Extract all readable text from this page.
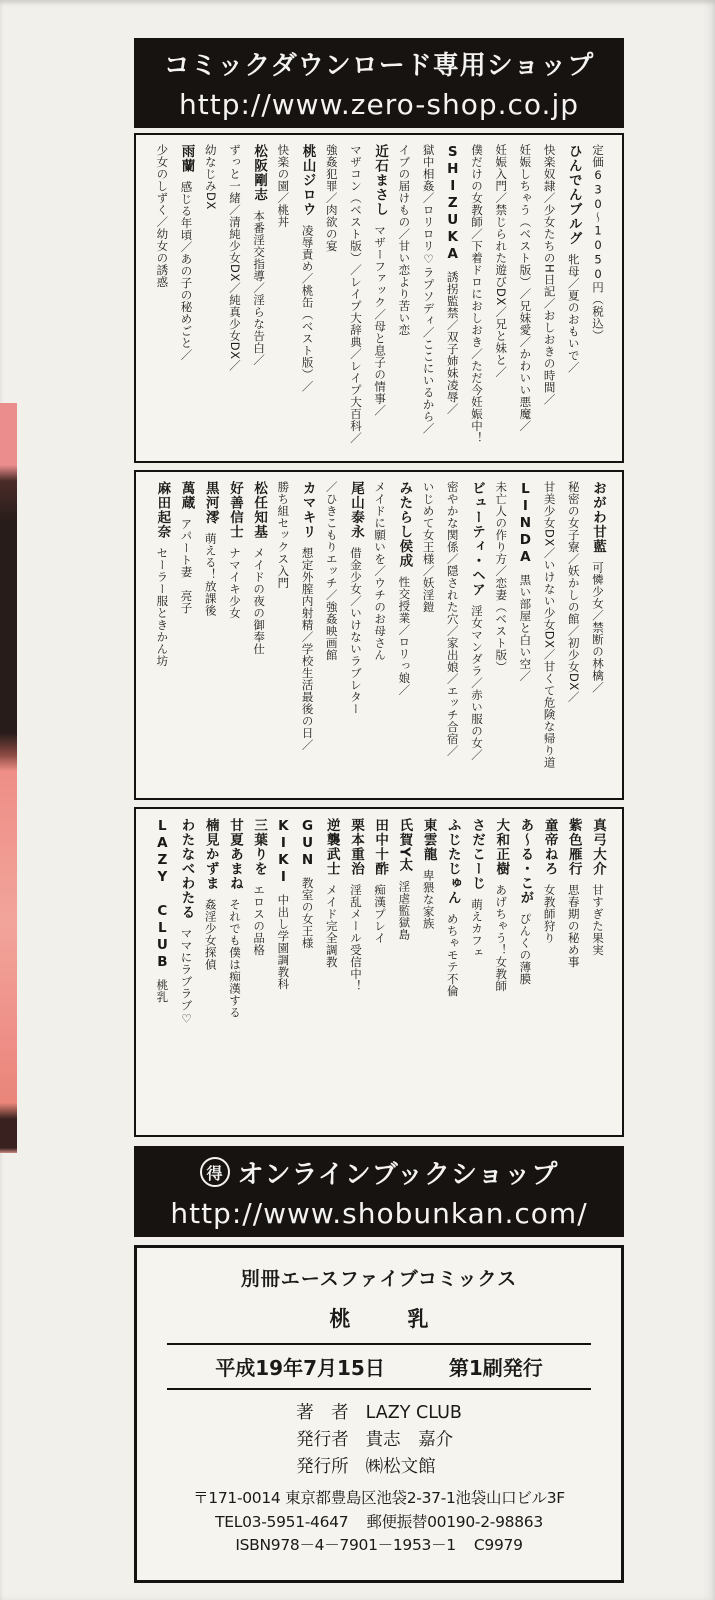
コミックダウンロード専用ショップ
http://www.zero-shop.co.jp
定価630～1050円（税込）
ひんでんブルグ牝母／夏のおもいで／
快楽奴隷／少女たちのH日記／おしおきの時間／
妊娠しちゃう（ベスト版）／兄妹愛／かわいい悪魔／
妊娠入門／禁じられた遊びDX／兄と妹と／
僕だけの女教師／下着ドロにおしおき／ただ今妊娠中！
SHIZUKA誘拐監禁／双子姉妹凌辱／
獄中相姦／ロリロリ♡ラプソディ／ここにいるから／
イブの届けもの／甘い恋より苦い恋
近石まさしマザーファック／母と息子の情事／
マザコン（ベスト版）／レイプ大辞典／レイプ大百科／
強姦犯罪／肉欲の宴
桃山ジロウ凌辱責め／桃缶（ベスト版）／
快楽の園／桃丼
松阪剛志本番淫交指導／淫らな告白／
ずっと一緒／清純少女DX／純真少女DX／
幼なじみDX
雨蘭感じる年頃／あの子の秘めごと／
少女のしずく／幼女の誘惑
おがわ甘藍可憐少女／禁断の林檎／
秘密の女子寮／妖かしの館／初少女DX／
甘美少女DX／いけない少女DX／甘くて危険な帰り道
LINDA黒い部屋と白い空／
未亡人の作り方／恋妻（ベスト版）
ビューティ・ヘア淫女マンダラ／赤い服の女／
密やかな関係／隠された穴／家出娘／エッチ合宿／
いじめて女王様／妖淫鎧
みたらし侯成性交授業／ロリっ娘／
メイドに願いを／ウチのお母さん
尾山泰永借金少女／いけないラブレター
／ひきこもりエッチ／強姦映画館
カマキリ想定外膣内射精／学校生活最後の日／
勝ち組セックス入門
松任知基メイドの夜の御奉仕
好善信士ナマイキ少女
黒河澪萌える！放課後
萬蔵アパート妻　亮子
麻田起奈セーラー服ときかん坊
真弓大介甘すぎた果実
紫色雁行思春期の秘め事
童帝ねろ女教師狩り
あ～る・こがぴんくの薄膜
大和正樹あげちゃう！女教師
さだこーじ萌えカフェ
ふじたじゅんめちゃモテ不倫
東雲龍卑猥な家族
氏賀Y太淫虐監獄島
田中十酢痴漢プレイ
栗本重治淫乱メール受信中！
逆襲武士メイド完全調教
GUN教室の女王様
KIKI中出し学園調教科
三葉りをエロスの品格
甘夏あまねそれでも僕は痴漢する
楠見かずま姦淫少女探偵
わたなべわたるママにラブラブ♡
LAZY CLUB桃乳
得 オンラインブックショップ
http://www.shobunkan.com/
別冊エースファイブコミックス
桃　乳
平成19年7月15日	第1刷発行
著　者 LAZY CLUB
発行者 貴志　嘉介
発行所 ㈱松文館
〒171-0014 東京都豊島区池袋2-37-1池袋山口ビル3F
TEL03-5951-4647 郵便振替00190-2-98863
ISBN978－4－7901－1953－1 C9979
